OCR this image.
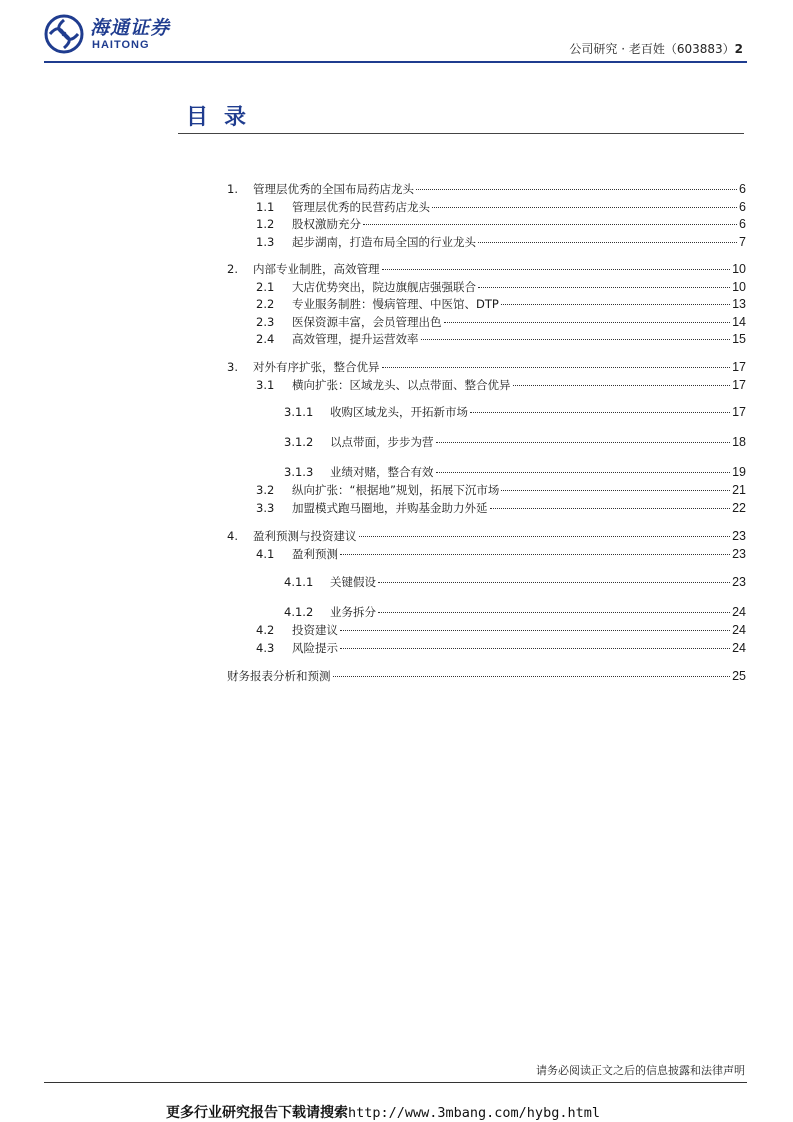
海通证券
HAITONG	公司研究 · 老百姓（603883）2
目录
1.	管理层优秀的全国布局药店龙头	6
1.1	管理层优秀的民营药店龙头	6
1.2	股权激励充分	6
1.3	起步湖南，打造布局全国的行业龙头	7
2.	内部专业制胜，高效管理	10
2.1	大店优势突出，院边旗舰店强强联合	10
2.2	专业服务制胜：慢病管理、中医馆、DTP	13
2.3	医保资源丰富，会员管理出色	14
2.4	高效管理，提升运营效率	15
3.	对外有序扩张，整合优异	17
3.1	横向扩张：区域龙头、以点带面、整合优异	17
3.1.1	收购区域龙头，开拓新市场	17
3.1.2	以点带面，步步为营	18
3.1.3	业绩对赌，整合有效	19
3.2	纵向扩张：“根据地”规划，拓展下沉市场	21
3.3	加盟模式跑马圈地，并购基金助力外延	22
4.	盈利预测与投资建议	23
4.1	盈利预测	23
4.1.1	关键假设	23
4.1.2	业务拆分	24
4.2	投资建议	24
4.3	风险提示	24
财务报表分析和预测	25
请务必阅读正文之后的信息披露和法律声明
更多行业研究报告下载请搜索http://www.3mbang.com/hybg.html
